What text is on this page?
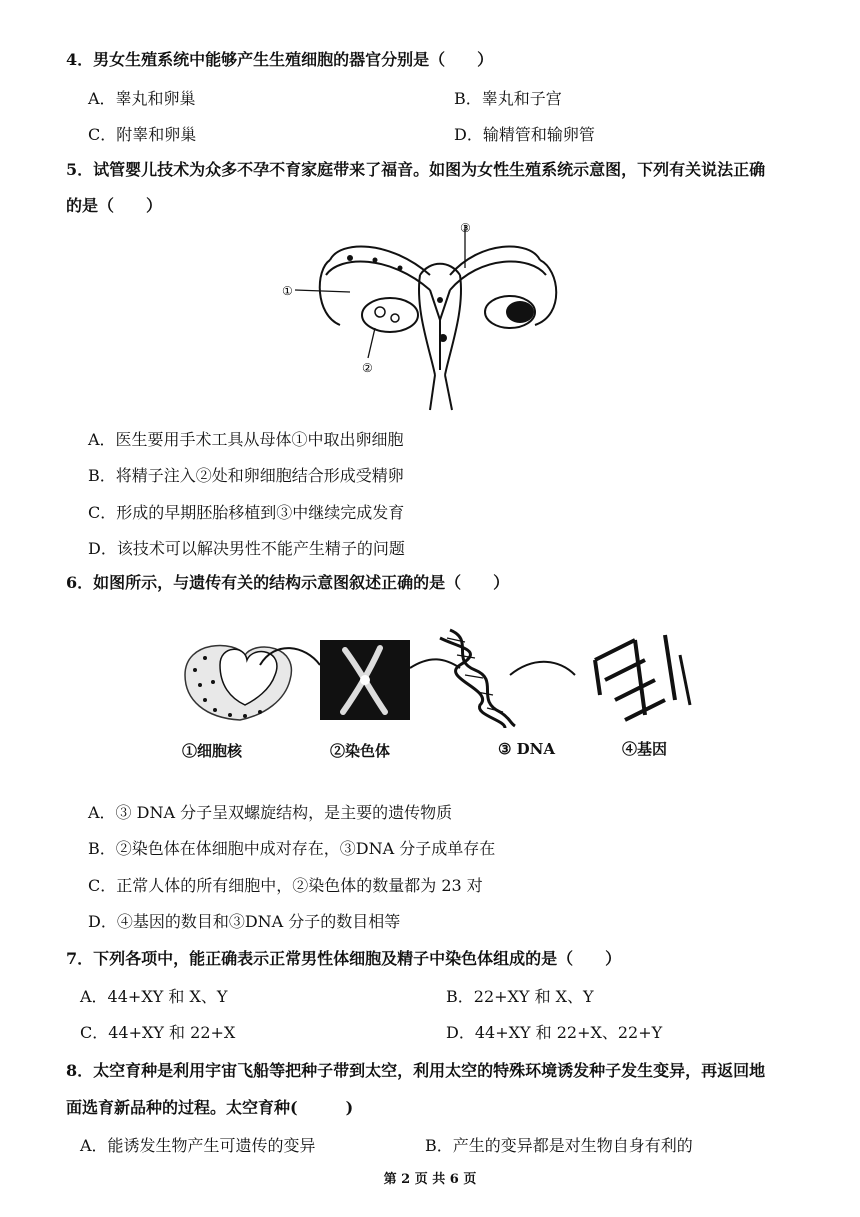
4．男女生殖系统中能够产生生殖细胞的器官分别是（　　）
A．睾丸和卵巢	B．睾丸和子宫
C．附睾和卵巢	D．输精管和输卵管
5．试管婴儿技术为众多不孕不育家庭带来了福音。如图为女性生殖系统示意图，下列有关说法正确
的是（　　）
③
①
②
A．医生要用手术工具从母体①中取出卵细胞
B．将精子注入②处和卵细胞结合形成受精卵
C．形成的早期胚胎移植到③中继续完成发育
D．该技术可以解决男性不能产生精子的问题
6．如图所示，与遗传有关的结构示意图叙述正确的是（　　）
①细胞核	②染色体	③ DNA	④基因
A．③ DNA 分子呈双螺旋结构，是主要的遗传物质
B．②染色体在体细胞中成对存在，③DNA 分子成单存在
C．正常人体的所有细胞中，②染色体的数量都为 23 对
D．④基因的数目和③DNA 分子的数目相等
7．下列各项中，能正确表示正常男性体细胞及精子中染色体组成的是（　　）
A．44+XY 和 X、Y	B．22+XY 和 X、Y
C．44+XY 和 22+X	D．44+XY 和 22+X、22+Y
8．太空育种是利用宇宙飞船等把种子带到太空，利用太空的特殊环境诱发种子发生变异，再返回地
面选育新品种的过程。太空育种(　　　)
A．能诱发生物产生可遗传的变异	B．产生的变异都是对生物自身有利的
第 2 页 共 6 页
